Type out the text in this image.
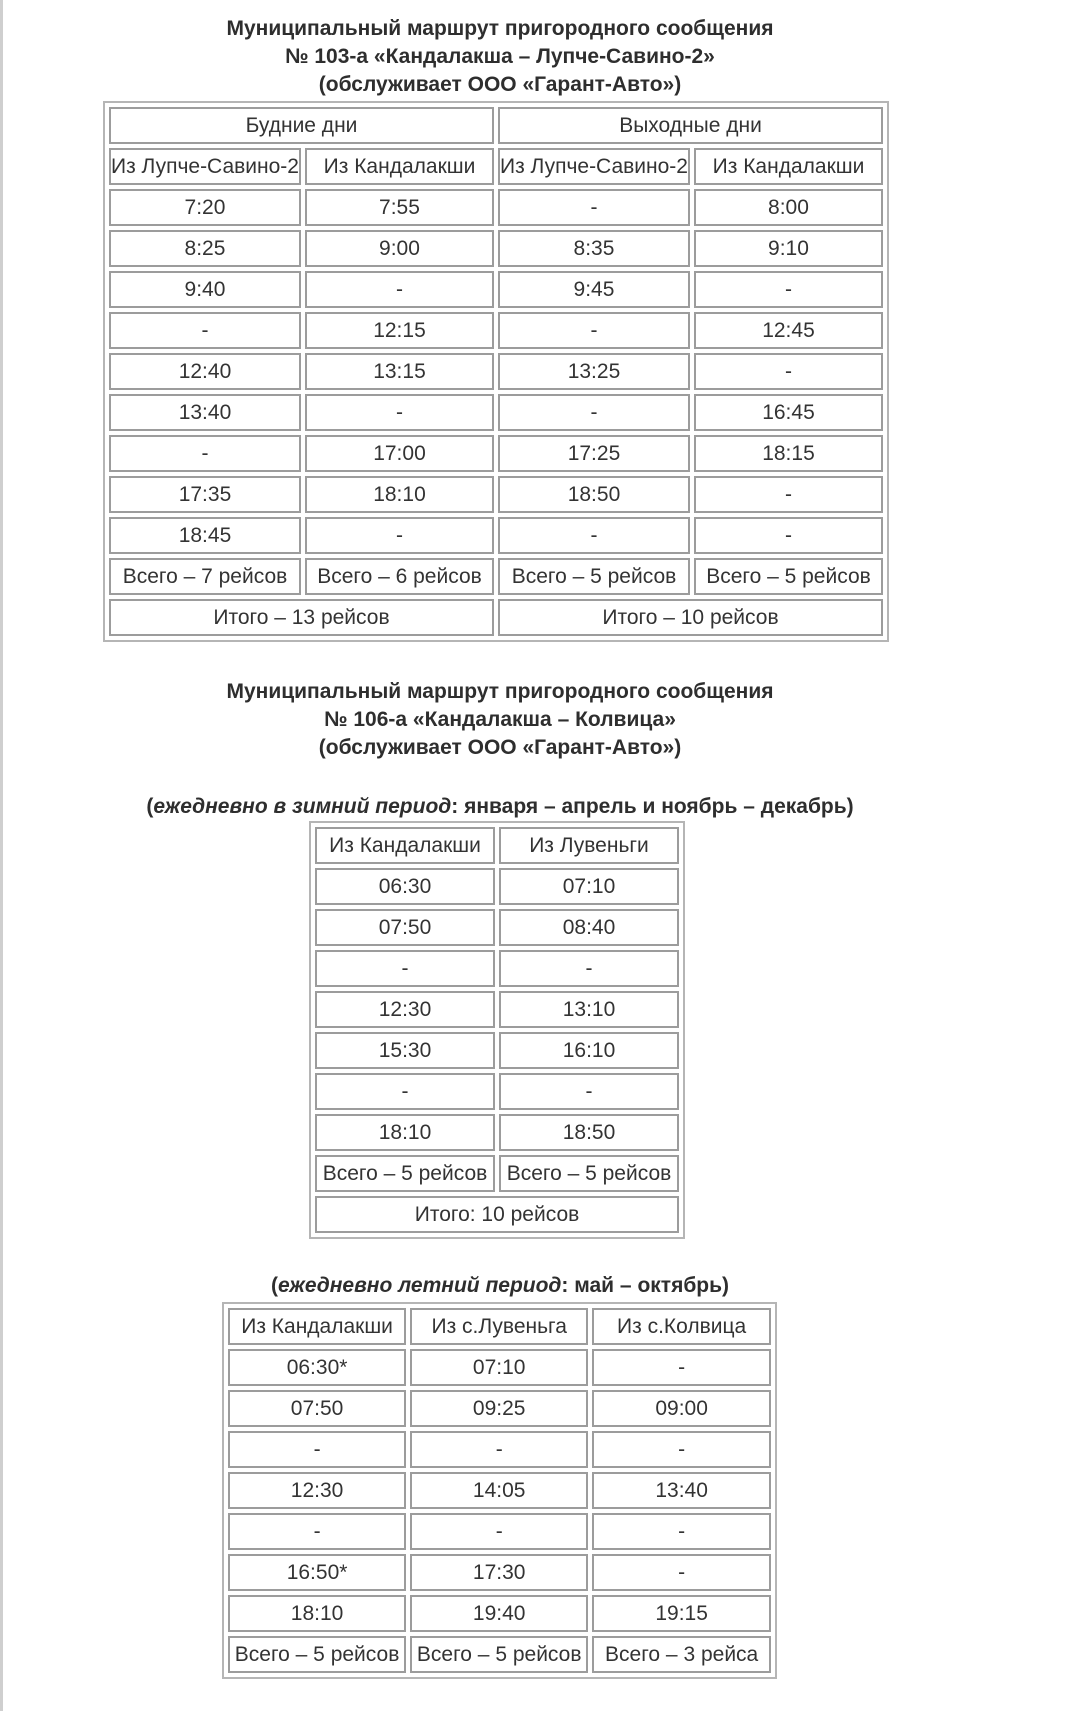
Муниципальный маршрут пригородного сообщения
№ 103-а «Кандалакша – Лупче-Савино-2»
(обслуживает ООО «Гарант-Авто»)
Будние дни		Выходные дни	
Из Лупче-Савино-2	Из Кандалакши	Из Лупче-Савино-2	Из Кандалакши
7:20	7:55	-	8:00
8:25	9:00	8:35	9:10
9:40	-	9:45	-
-	12:15	-	12:45
12:40	13:15	13:25	-
13:40	-	-	16:45
-	17:00	17:25	18:15
17:35	18:10	18:50	-
18:45	-	-	-
Всего – 7 рейсов	Всего – 6 рейсов	Всего – 5 рейсов	Всего – 5 рейсов
Итого – 13 рейсов		Итого – 10 рейсов	
Муниципальный маршрут пригородного сообщения
№ 106-а «Кандалакша – Колвица»
(обслуживает ООО «Гарант-Авто»)
(ежедневно в зимний период: января – апрель и ноябрь – декабрь)
Из Кандалакши	Из Лувеньги
06:30	07:10
07:50	08:40
-	-
12:30	13:10
15:30	16:10
-	-
18:10	18:50
Всего – 5 рейсов	Всего – 5 рейсов
Итого: 10 рейсов	
(ежедневно летний период: май – октябрь)
Из Кандалакши	Из с.Лувеньга	Из с.Колвица
06:30*	07:10	-
07:50	09:25	09:00
-	-	-
12:30	14:05	13:40
-	-	-
16:50*	17:30	-
18:10	19:40	19:15
Всего – 5 рейсов	Всего – 5 рейсов	Всего – 3 рейса
